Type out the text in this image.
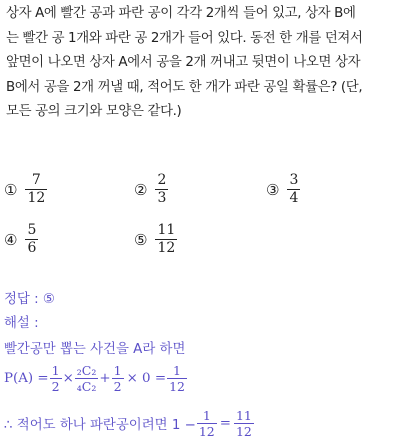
상자 A에 빨간 공과 파란 공이 각각 2개씩 들어 있고, 상자 B에
는 빨간 공 1개와 파란 공 2개가 들어 있다. 동전 한 개를 던져서
앞면이 나오면 상자 A에서 공을 2개 꺼내고 뒷면이 나오면 상자
B에서 공을 2개 꺼낼 때, 적어도 한 개가 파란 공일 확률은? (단,
모든 공의 크기와 모양은 같다.)
① $\frac{7}{12}$	② $\frac{2}{3}$	③ $\frac{3}{4}$
④ $\frac{5}{6}$	⑤ $\frac{11}{12}$
정답 : ⑤
해설 :
빨간공만 뽑는 사건을 A라 하면
$P(A) = \frac{1}{2} \times \frac{\text{₂C₂}}{\text{₄C₂}} + \frac{1}{2} \times 0 = \frac{1}{12}$
∴ 적어도 하나 파란공이려면 $1 - \frac{1}{12} = \frac{11}{12}$
